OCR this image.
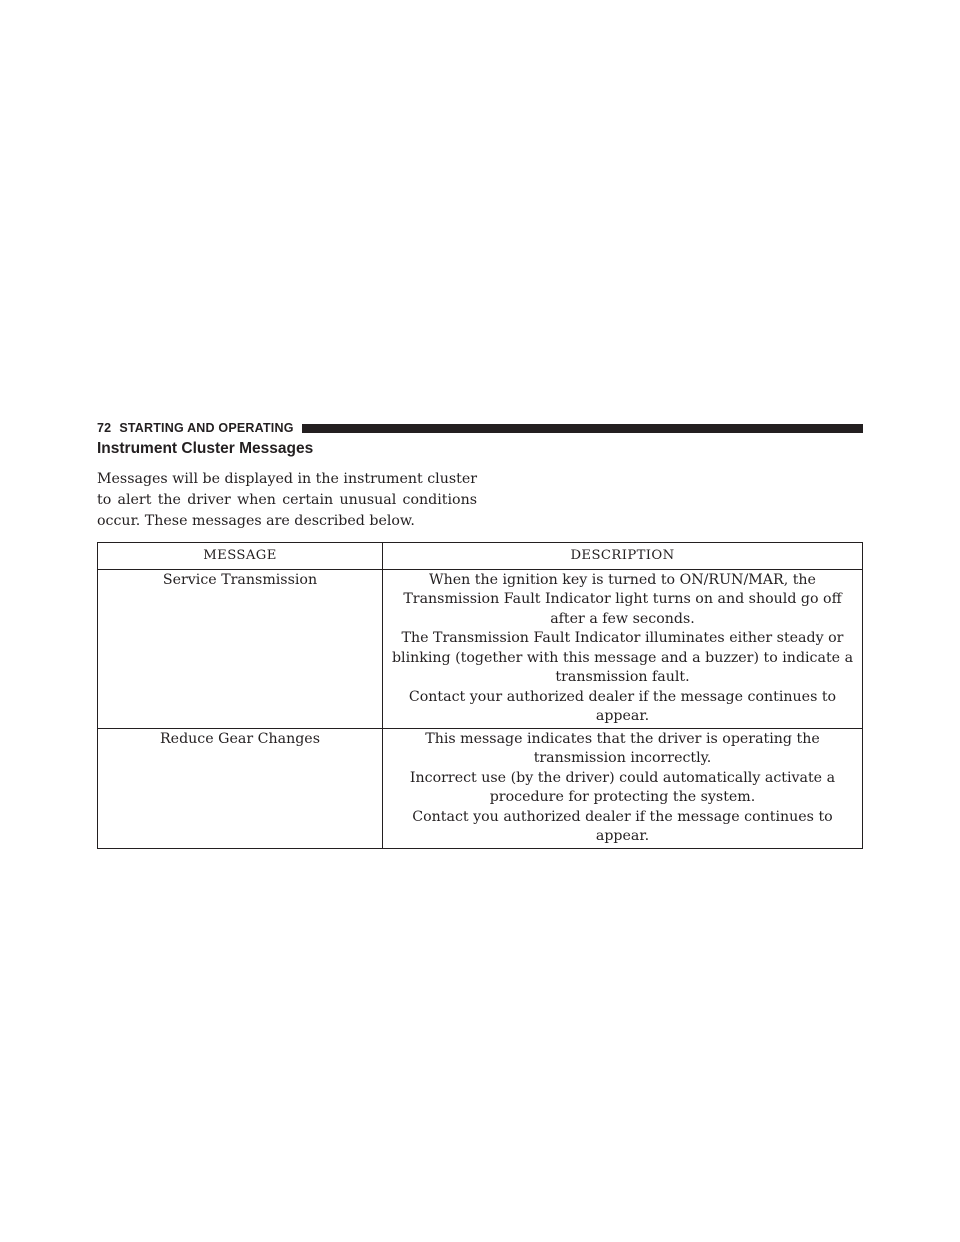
72 STARTING AND OPERATING
Instrument Cluster Messages

Messages will be displayed in the instrument cluster to alert the driver when certain unusual conditions occur. These messages are described below.

MESSAGE	DESCRIPTION
Service Transmission	When the ignition key is turned to ON/RUN/MAR, the Transmission Fault Indicator light turns on and should go off after a few seconds.
The Transmission Fault Indicator illuminates either steady or blinking (together with this message and a buzzer) to indicate a transmission fault.
Contact your authorized dealer if the message continues to appear.

Reduce Gear Changes	This message indicates that the driver is operating the transmission incorrectly.
Incorrect use (by the driver) could automatically activate a procedure for protecting the system.
Contact you authorized dealer if the message continues to appear.
